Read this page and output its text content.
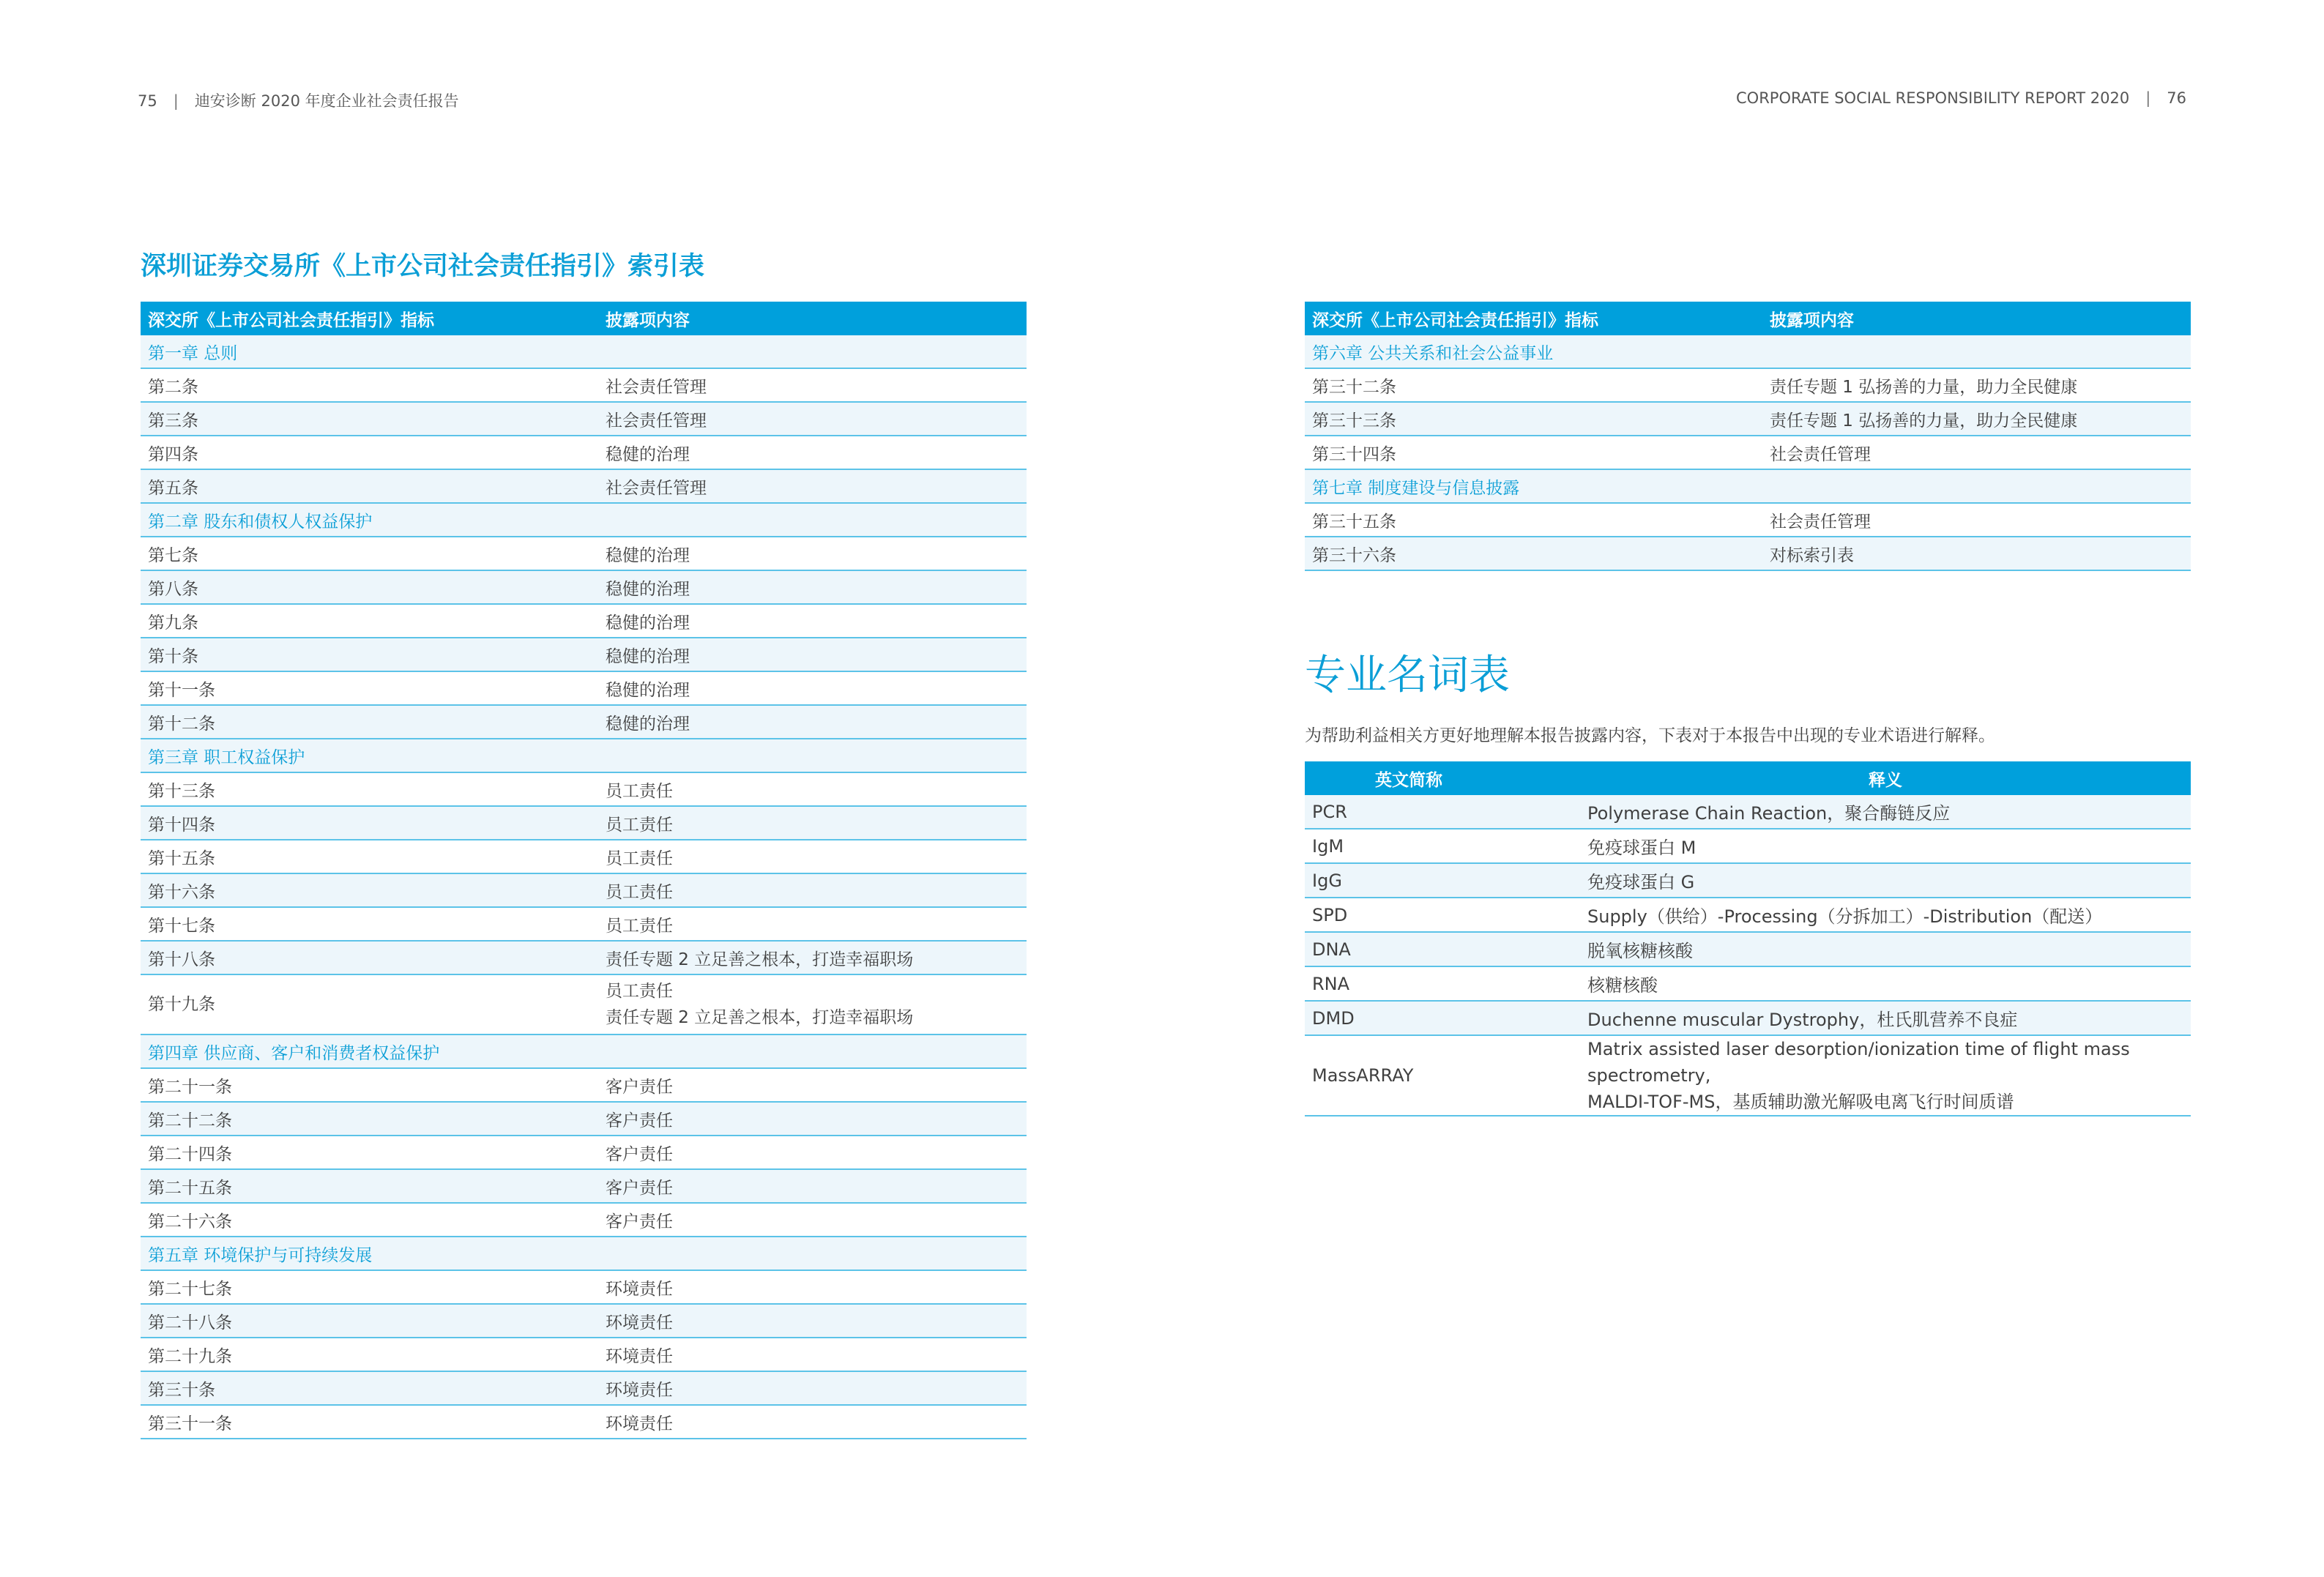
75 | 迪安诊断 2020 年度企业社会责任报告	CORPORATE SOCIAL RESPONSIBILITY REPORT 2020 | 76
深圳证券交易所《上市公司社会责任指引》索引表
深交所《上市公司社会责任指引》指标	披露项内容
第一章 总则	

第二条	社会责任管理

第三条	社会责任管理

第四条	稳健的治理

第五条	社会责任管理

第二章 股东和债权人权益保护	

第七条	稳健的治理

第八条	稳健的治理

第九条	稳健的治理

第十条	稳健的治理

第十一条	稳健的治理

第十二条	稳健的治理

第三章 职工权益保护	

第十三条	员工责任

第十四条	员工责任

第十五条	员工责任

第十六条	员工责任

第十七条	员工责任

第十八条	责任专题 2 立足善之根本，打造幸福职场

第十九条	员工责任
责任专题 2 立足善之根本，打造幸福职场

第四章 供应商、客户和消费者权益保护	

第二十一条	客户责任

第二十二条	客户责任

第二十四条	客户责任

第二十五条	客户责任

第二十六条	客户责任

第五章 环境保护与可持续发展	

第二十七条	环境责任

第二十八条	环境责任

第二十九条	环境责任

第三十条	环境责任

第三十一条	环境责任
深交所《上市公司社会责任指引》指标	披露项内容
第六章 公共关系和社会公益事业	

第三十二条	责任专题 1 弘扬善的力量，助力全民健康

第三十三条	责任专题 1 弘扬善的力量，助力全民健康

第三十四条	社会责任管理

第七章 制度建设与信息披露	

第三十五条	社会责任管理

第三十六条	对标索引表
专业名词表
为帮助利益相关方更好地理解本报告披露内容，下表对于本报告中出现的专业术语进行解释。
英文简称	释义
PCR	Polymerase Chain Reaction，聚合酶链反应

IgM	免疫球蛋白 M

IgG	免疫球蛋白 G

SPD	Supply（供给）-Processing（分拆加工）-Distribution（配送）

DNA	脱氧核糖核酸

RNA	核糖核酸

DMD	Duchenne muscular Dystrophy，杜氏肌营养不良症

MassARRAY	Matrix assisted laser desorption/ionization time of flight mass spectrometry,
MALDI-TOF-MS，基质辅助激光解吸电离飞行时间质谱
